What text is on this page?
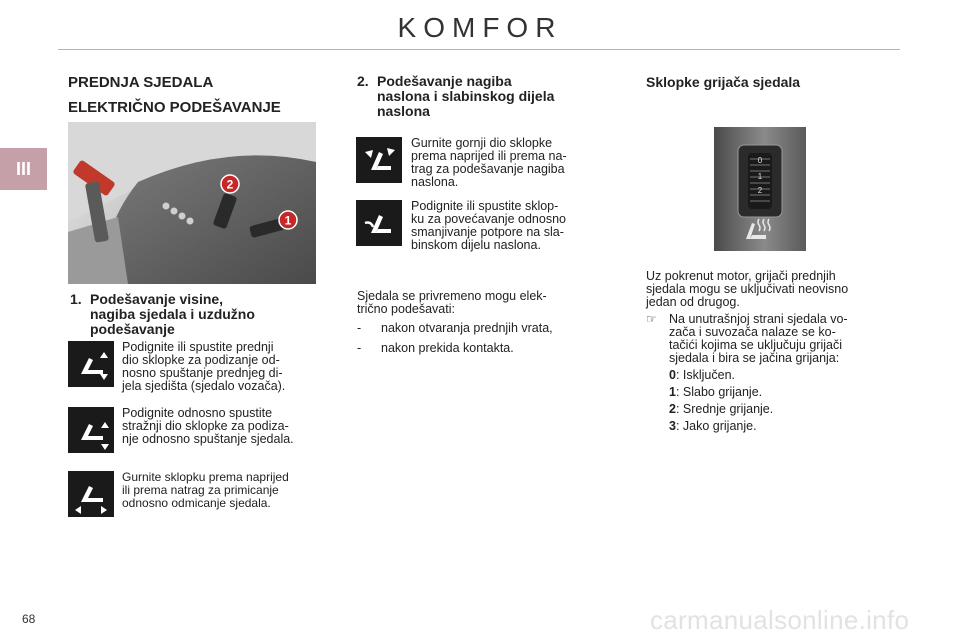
KOMFOR
III
PREDNJA SJEDALA
ELEKTRIČNO PODEŠAVANJE
2
1
1. Podešavanje visine,
nagiba sjedala i uzdužno
podešavanje
Podignite ili spustite prednji
dio sklopke za podizanje od-
nosno spuštanje prednjeg di-
jela sjedišta (sjedalo vozača).
Podignite odnosno spustite
stražnji dio sklopke za podiza-
nje odnosno spuštanje sjedala.
Gurnite sklopku prema naprijed
ili prema natrag za primicanje
odnosno odmicanje sjedala.
2. Podešavanje nagiba
naslona i slabinskog dijela
naslona
Gurnite gornji dio sklopke
prema naprijed ili prema na-
trag za podešavanje nagiba
naslona.
Podignite ili spustite sklop-
ku za povećavanje odnosno
smanjivanje potpore na sla-
binskom dijelu naslona.
Sjedala se privremeno mogu elek-
trično podešavati:
- nakon otvaranja prednjih vrata,
- nakon prekida kontakta.
Sklopke grijača sjedala
0
1
2
Uz pokrenut motor, grijači prednjih
sjedala mogu se uključivati neovisno
jedan od drugog.
☞ Na unutrašnjoj strani sjedala vo-
zača i suvozača nalaze se ko-
tačići kojima se uključuju grijači
sjedala i bira se jačina grijanja:
0: Isključen.
1: Slabo grijanje.
2: Srednje grijanje.
3: Jako grijanje.
68	carmanualsonline.info
